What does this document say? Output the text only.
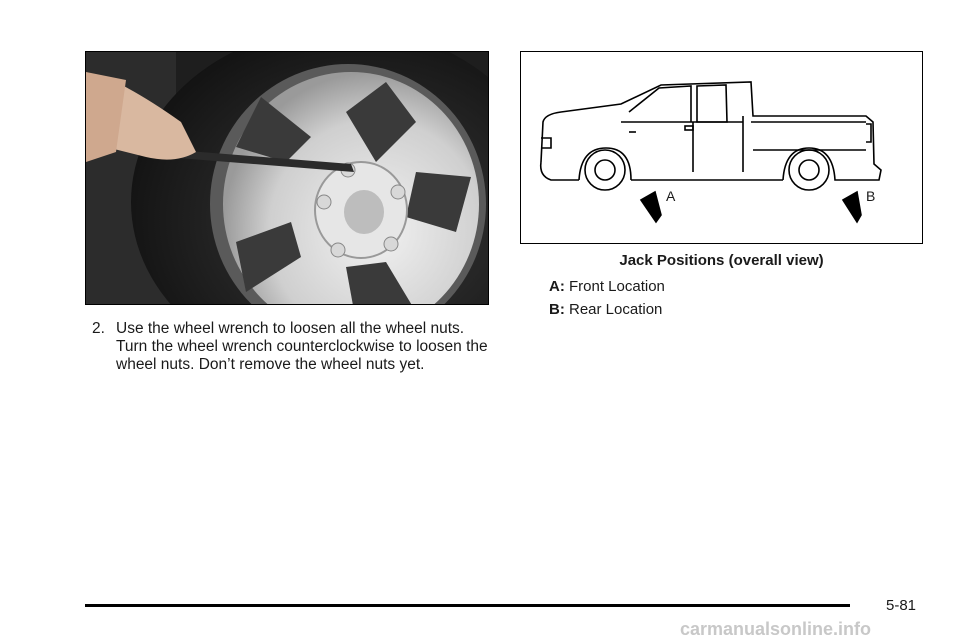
2. Use the wheel wrench to loosen all the wheel nuts. Turn the wheel wrench counterclockwise to loosen the wheel nuts. Don’t remove the wheel nuts yet.
A	B
Jack Positions (overall view)
A: Front Location
B: Rear Location
5-81
carmanualsonline.info
